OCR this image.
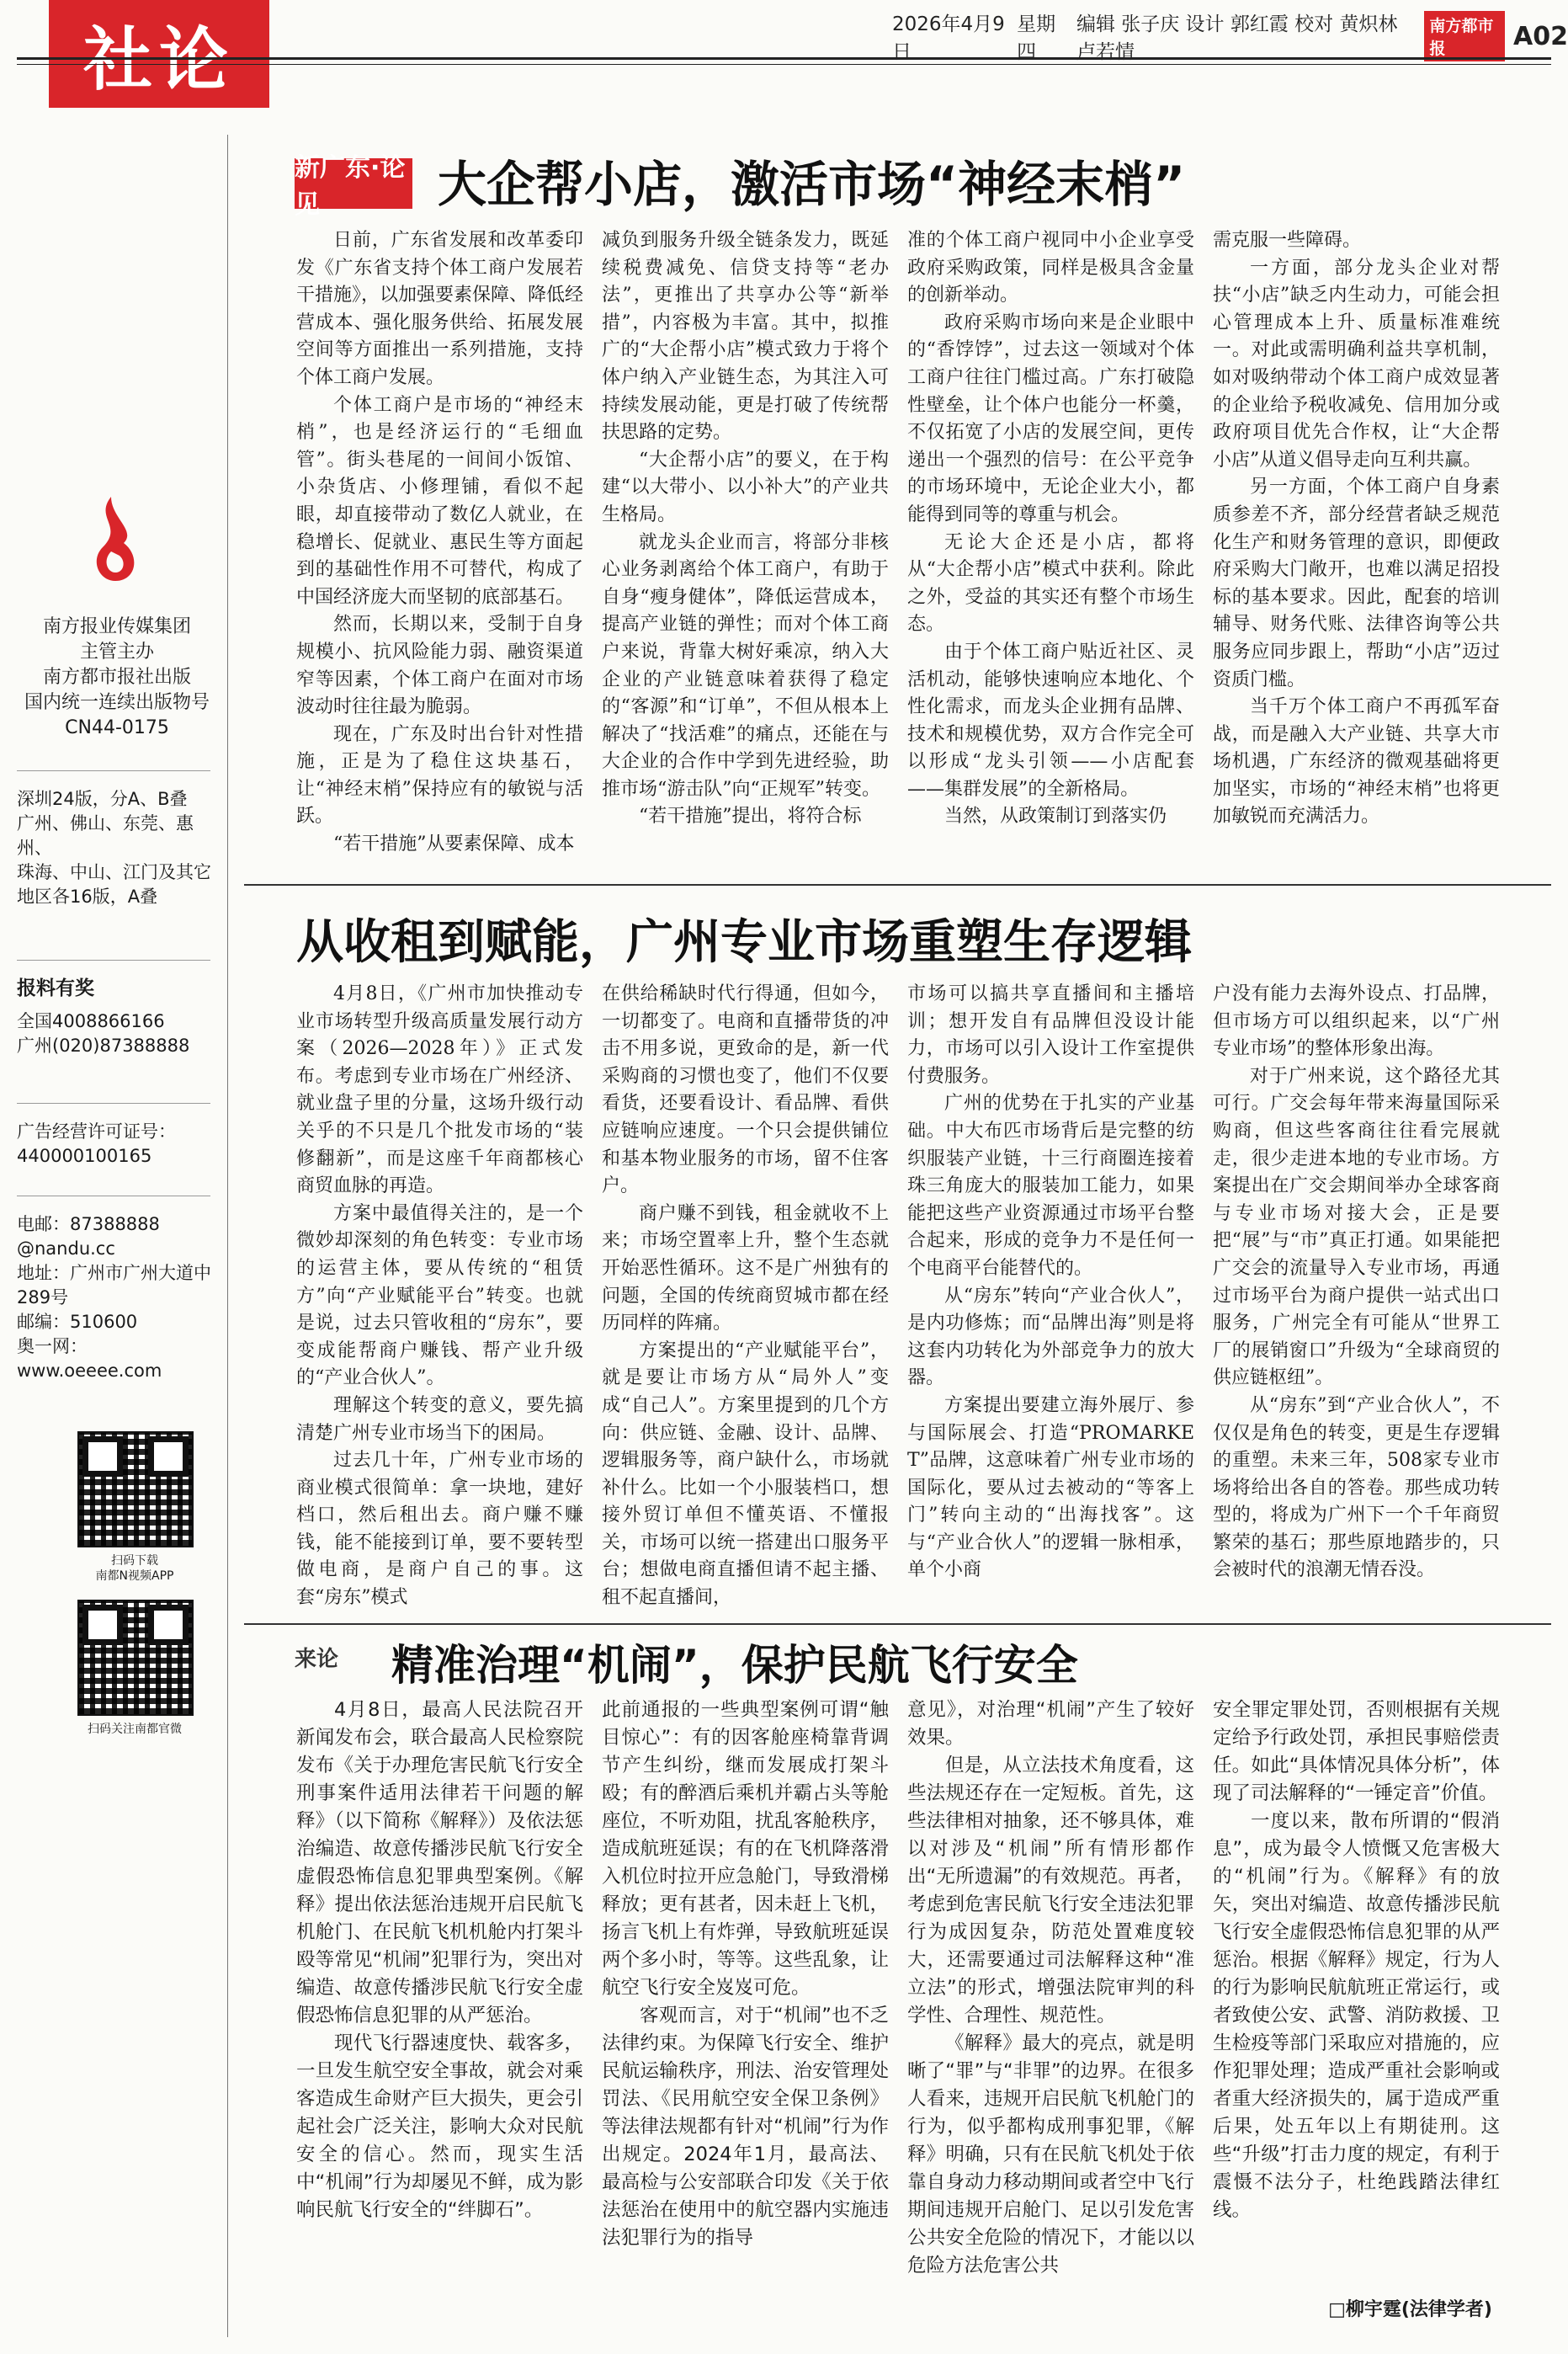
社论	2026年4月9日
星期四
编辑 张子庆 设计 郭红霞 校对 黄炽林 卢若情
南方都市报	A02
南方报业传媒集团
主管主办
南方都市报社出版
国内统一连续出版物号
CN44-0175
深圳24版，分A、B叠
广州、佛山、东莞、惠州、
珠海、中山、江门及其它
地区各16版，A叠
报料有奖
全国4008866166
广州(020)87388888
广告经营许可证号：
440000100165
电邮：87388888
@nandu.cc
地址：广州市广州大道中
289号
邮编：510600
奥一网：
www.oeeee.com
扫码下载
南都N视频APP
扫码关注南都官微
新广东·论见	大企帮小店，激活市场“神经末梢”

日前，广东省发展和改革委印发《广东省支持个体工商户发展若干措施》，以加强要素保障、降低经营成本、强化服务供给、拓展发展空间等方面推出一系列措施，支持个体工商户发展。

个体工商户是市场的“神经末梢”，也是经济运行的“毛细血管”。街头巷尾的一间间小饭馆、小杂货店、小修理铺，看似不起眼，却直接带动了数亿人就业，在稳增长、促就业、惠民生等方面起到的基础性作用不可替代，构成了中国经济庞大而坚韧的底部基石。

然而，长期以来，受制于自身规模小、抗风险能力弱、融资渠道窄等因素，个体工商户在面对市场波动时往往最为脆弱。

现在，广东及时出台针对性措施，正是为了稳住这块基石，让“神经末梢”保持应有的敏锐与活跃。

“若干措施”从要素保障、成本

减负到服务升级全链条发力，既延续税费减免、信贷支持等“老办法”，更推出了共享办公等“新举措”，内容极为丰富。其中，拟推广的“大企帮小店”模式致力于将个体户纳入产业链生态，为其注入可持续发展动能，更是打破了传统帮扶思路的定势。

“大企帮小店”的要义，在于构建“以大带小、以小补大”的产业共生格局。

就龙头企业而言，将部分非核心业务剥离给个体工商户，有助于自身“瘦身健体”，降低运营成本，提高产业链的弹性；而对个体工商户来说，背靠大树好乘凉，纳入大企业的产业链意味着获得了稳定的“客源”和“订单”，不但从根本上解决了“找活难”的痛点，还能在与大企业的合作中学到先进经验，助推市场“游击队”向“正规军”转变。

“若干措施”提出，将符合标

准的个体工商户视同中小企业享受政府采购政策，同样是极具含金量的创新举动。

政府采购市场向来是企业眼中的“香饽饽”，过去这一领域对个体工商户往往门槛过高。广东打破隐性壁垒，让个体户也能分一杯羹，不仅拓宽了小店的发展空间，更传递出一个强烈的信号：在公平竞争的市场环境中，无论企业大小，都能得到同等的尊重与机会。

无论大企还是小店，都将从“大企帮小店”模式中获利。除此之外，受益的其实还有整个市场生态。

由于个体工商户贴近社区、灵活机动，能够快速响应本地化、个性化需求，而龙头企业拥有品牌、技术和规模优势，双方合作完全可以形成“龙头引领——小店配套——集群发展”的全新格局。

当然，从政策制订到落实仍

需克服一些障碍。

一方面，部分龙头企业对帮扶“小店”缺乏内生动力，可能会担心管理成本上升、质量标准难统一。对此或需明确利益共享机制，如对吸纳带动个体工商户成效显著的企业给予税收减免、信用加分或政府项目优先合作权，让“大企帮小店”从道义倡导走向互利共赢。

另一方面，个体工商户自身素质参差不齐，部分经营者缺乏规范化生产和财务管理的意识，即便政府采购大门敞开，也难以满足招投标的基本要求。因此，配套的培训辅导、财务代账、法律咨询等公共服务应同步跟上，帮助“小店”迈过资质门槛。

当千万个体工商户不再孤军奋战，而是融入大产业链、共享大市场机遇，广东经济的微观基础将更加坚实，市场的“神经末梢”也将更加敏锐而充满活力。

从收租到赋能，广州专业市场重塑生存逻辑

4月8日，《广州市加快推动专业市场转型升级高质量发展行动方案（2026—2028年）》正式发布。考虑到专业市场在广州经济、就业盘子里的分量，这场升级行动关乎的不只是几个批发市场的“装修翻新”，而是这座千年商都核心商贸血脉的再造。

方案中最值得关注的，是一个微妙却深刻的角色转变：专业市场的运营主体，要从传统的“租赁方”向“产业赋能平台”转变。也就是说，过去只管收租的“房东”，要变成能帮商户赚钱、帮产业升级的“产业合伙人”。

理解这个转变的意义，要先搞清楚广州专业市场当下的困局。

过去几十年，广州专业市场的商业模式很简单：拿一块地，建好档口，然后租出去。商户赚不赚钱，能不能接到订单，要不要转型做电商，是商户自己的事。这套“房东”模式

在供给稀缺时代行得通，但如今，一切都变了。电商和直播带货的冲击不用多说，更致命的是，新一代采购商的习惯也变了，他们不仅要看货，还要看设计、看品牌、看供应链响应速度。一个只会提供铺位和基本物业服务的市场，留不住客户。

商户赚不到钱，租金就收不上来；市场空置率上升，整个生态就开始恶性循环。这不是广州独有的问题，全国的传统商贸城市都在经历同样的阵痛。

方案提出的“产业赋能平台”，就是要让市场方从“局外人”变成“自己人”。方案里提到的几个方向：供应链、金融、设计、品牌、逻辑服务等，商户缺什么，市场就补什么。比如一个小服装档口，想接外贸订单但不懂英语、不懂报关，市场可以统一搭建出口服务平台；想做电商直播但请不起主播、租不起直播间，

市场可以搞共享直播间和主播培训；想开发自有品牌但没设计能力，市场可以引入设计工作室提供付费服务。

广州的优势在于扎实的产业基础。中大布匹市场背后是完整的纺织服装产业链，十三行商圈连接着珠三角庞大的服装加工能力，如果能把这些产业资源通过市场平台整合起来，形成的竞争力不是任何一个电商平台能替代的。

从“房东”转向“产业合伙人”，是内功修炼；而“品牌出海”则是将这套内功转化为外部竞争力的放大器。

方案提出要建立海外展厅、参与国际展会、打造“PROMARKET”品牌，这意味着广州专业市场的国际化，要从过去被动的“等客上门”转向主动的“出海找客”。这与“产业合伙人”的逻辑一脉相承，单个小商

户没有能力去海外设点、打品牌，但市场方可以组织起来，以“广州专业市场”的整体形象出海。

对于广州来说，这个路径尤其可行。广交会每年带来海量国际采购商，但这些客商往往看完展就走，很少走进本地的专业市场。方案提出在广交会期间举办全球客商与专业市场对接大会，正是要把“展”与“市”真正打通。如果能把广交会的流量导入专业市场，再通过市场平台为商户提供一站式出口服务，广州完全有可能从“世界工厂的展销窗口”升级为“全球商贸的供应链枢纽”。

从“房东”到“产业合伙人”，不仅仅是角色的转变，更是生存逻辑的重塑。未来三年，508家专业市场将给出各自的答卷。那些成功转型的，将成为广州下一个千年商贸繁荣的基石；那些原地踏步的，只会被时代的浪潮无情吞没。

来论 精准治理“机闹”，保护民航飞行安全

4月8日，最高人民法院召开新闻发布会，联合最高人民检察院发布《关于办理危害民航飞行安全刑事案件适用法律若干问题的解释》（以下简称《解释》）及依法惩治编造、故意传播涉民航飞行安全虚假恐怖信息犯罪典型案例。《解释》提出依法惩治违规开启民航飞机舱门、在民航飞机机舱内打架斗殴等常见“机闹”犯罪行为，突出对编造、故意传播涉民航飞行安全虚假恐怖信息犯罪的从严惩治。

现代飞行器速度快、载客多，一旦发生航空安全事故，就会对乘客造成生命财产巨大损失，更会引起社会广泛关注，影响大众对民航安全的信心。然而，现实生活中“机闹”行为却屡见不鲜，成为影响民航飞行安全的“绊脚石”。

此前通报的一些典型案例可谓“触目惊心”：有的因客舱座椅靠背调节产生纠纷，继而发展成打架斗殴；有的醉酒后乘机并霸占头等舱座位，不听劝阻，扰乱客舱秩序，造成航班延误；有的在飞机降落滑入机位时拉开应急舱门，导致滑梯释放；更有甚者，因未赶上飞机，扬言飞机上有炸弹，导致航班延误两个多小时，等等。这些乱象，让航空飞行安全岌岌可危。

客观而言，对于“机闹”也不乏法律约束。为保障飞行安全、维护民航运输秩序，刑法、治安管理处罚法、《民用航空安全保卫条例》等法律法规都有针对“机闹”行为作出规定。2024年1月，最高法、最高检与公安部联合印发《关于依法惩治在使用中的航空器内实施违法犯罪行为的指导

意见》，对治理“机闹”产生了较好效果。

但是，从立法技术角度看，这些法规还存在一定短板。首先，这些法律相对抽象，还不够具体，难以对涉及“机闹”所有情形都作出“无所遗漏”的有效规范。再者，考虑到危害民航飞行安全违法犯罪行为成因复杂，防范处置难度较大，还需要通过司法解释这种“准立法”的形式，增强法院审判的科学性、合理性、规范性。

《解释》最大的亮点，就是明晰了“罪”与“非罪”的边界。在很多人看来，违规开启民航飞机舱门的行为，似乎都构成刑事犯罪，《解释》明确，只有在民航飞机处于依靠自身动力移动期间或者空中飞行期间违规开启舱门、足以引发危害公共安全危险的情况下，才能以以危险方法危害公共

安全罪定罪处罚，否则根据有关规定给予行政处罚，承担民事赔偿责任。如此“具体情况具体分析”，体现了司法解释的“一锤定音”价值。

一度以来，散布所谓的“假消息”，成为最令人愤慨又危害极大的“机闹”行为。《解释》有的放矢，突出对编造、故意传播涉民航飞行安全虚假恐怖信息犯罪的从严惩治。根据《解释》规定，行为人的行为影响民航航班正常运行，或者致使公安、武警、消防救援、卫生检疫等部门采取应对措施的，应作犯罪处理；造成严重社会影响或者重大经济损失的，属于造成严重后果，处五年以上有期徒刑。这些“升级”打击力度的规定，有利于震慑不法分子，杜绝践踏法律红线。

□柳宇霆(法律学者)
